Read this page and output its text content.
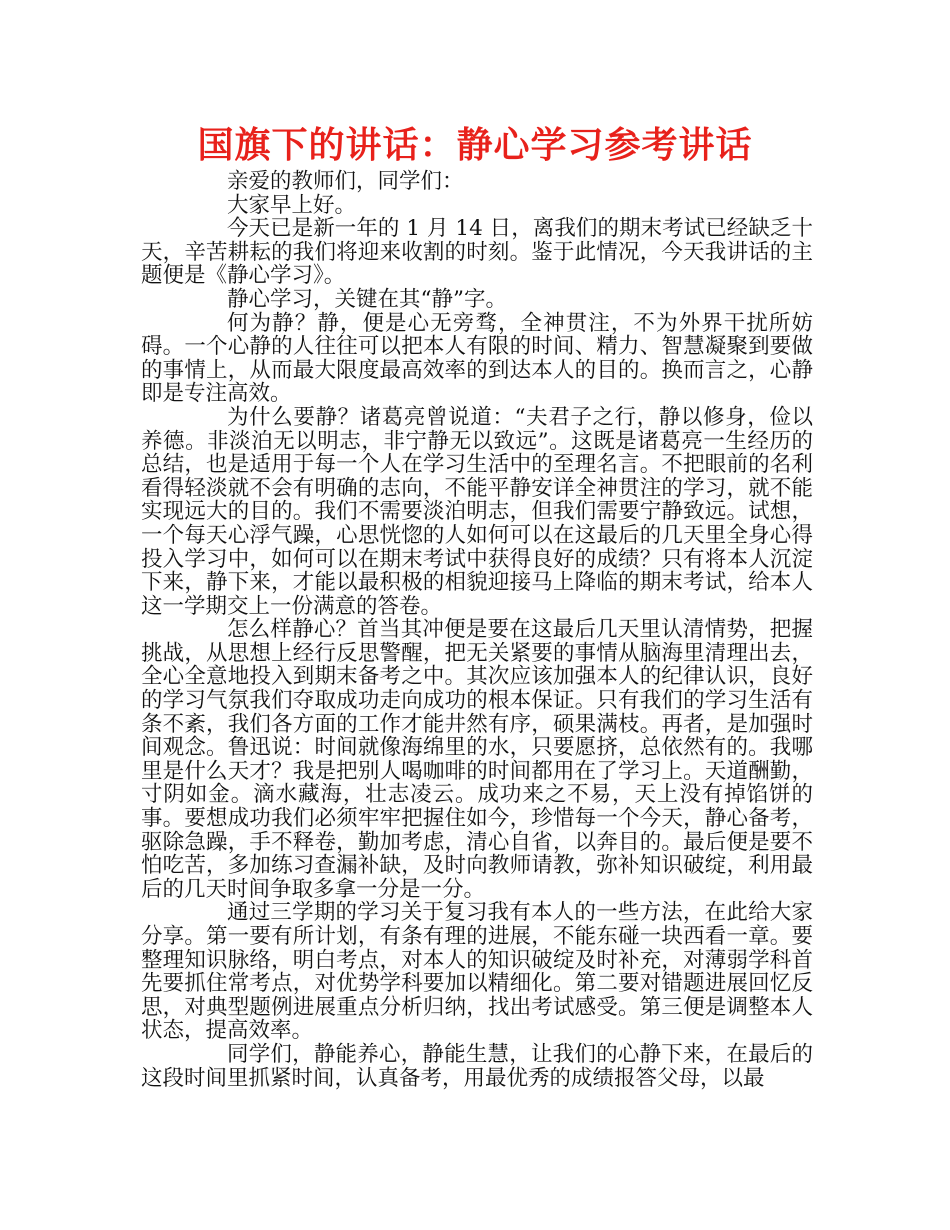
国旗下的讲话：静心学习参考讲话

亲爱的教师们，同学们：

大家早上好。

今天已是新一年的 1 月 14 日，离我们的期末考试已经缺乏十天，辛苦耕耘的我们将迎来收割的时刻。鉴于此情况，今天我讲话的主题便是《静心学习》。

静心学习，关键在其“静”字。

何为静？静，便是心无旁骛，全神贯注，不为外界干扰所妨碍。一个心静的人往往可以把本人有限的时间、精力、智慧凝聚到要做的事情上，从而最大限度最高效率的到达本人的目的。换而言之，心静即是专注高效。

为什么要静？诸葛亮曾说道：“夫君子之行，静以修身，俭以养德。非淡泊无以明志，非宁静无以致远”。这既是诸葛亮一生经历的总结，也是适用于每一个人在学习生活中的至理名言。不把眼前的名利看得轻淡就不会有明确的志向，不能平静安详全神贯注的学习，就不能实现远大的目的。我们不需要淡泊明志，但我们需要宁静致远。试想，一个每天心浮气躁，心思恍惚的人如何可以在这最后的几天里全身心得投入学习中，如何可以在期末考试中获得良好的成绩？只有将本人沉淀下来，静下来，才能以最积极的相貌迎接马上降临的期末考试，给本人这一学期交上一份满意的答卷。

怎么样静心？首当其冲便是要在这最后几天里认清情势，把握挑战，从思想上经行反思警醒，把无关紧要的事情从脑海里清理出去，全心全意地投入到期末备考之中。其次应该加强本人的纪律认识，良好的学习气氛我们夺取成功走向成功的根本保证。只有我们的学习生活有条不紊，我们各方面的工作才能井然有序，硕果满枝。再者，是加强时间观念。鲁迅说：时间就像海绵里的水，只要愿挤，总依然有的。我哪里是什么天才？我是把别人喝咖啡的时间都用在了学习上。天道酬勤，寸阴如金。滴水藏海，壮志凌云。成功来之不易，天上没有掉馅饼的事。要想成功我们必须牢牢把握住如今，珍惜每一个今天，静心备考，驱除急躁，手不释卷，勤加考虑，清心自省，以奔目的。最后便是要不怕吃苦，多加练习查漏补缺，及时向教师请教，弥补知识破绽，利用最后的几天时间争取多拿一分是一分。

通过三学期的学习关于复习我有本人的一些方法，在此给大家分享。第一要有所计划，有条有理的进展，不能东碰一块西看一章。要整理知识脉络，明白考点，对本人的知识破绽及时补充，对薄弱学科首先要抓住常考点，对优势学科要加以精细化。第二要对错题进展回忆反思，对典型题例进展重点分析归纳，找出考试感受。第三便是调整本人状态，提高效率。

同学们，静能养心，静能生慧，让我们的心静下来，在最后的这段时间里抓紧时间，认真备考，用最优秀的成绩报答父母，以最
